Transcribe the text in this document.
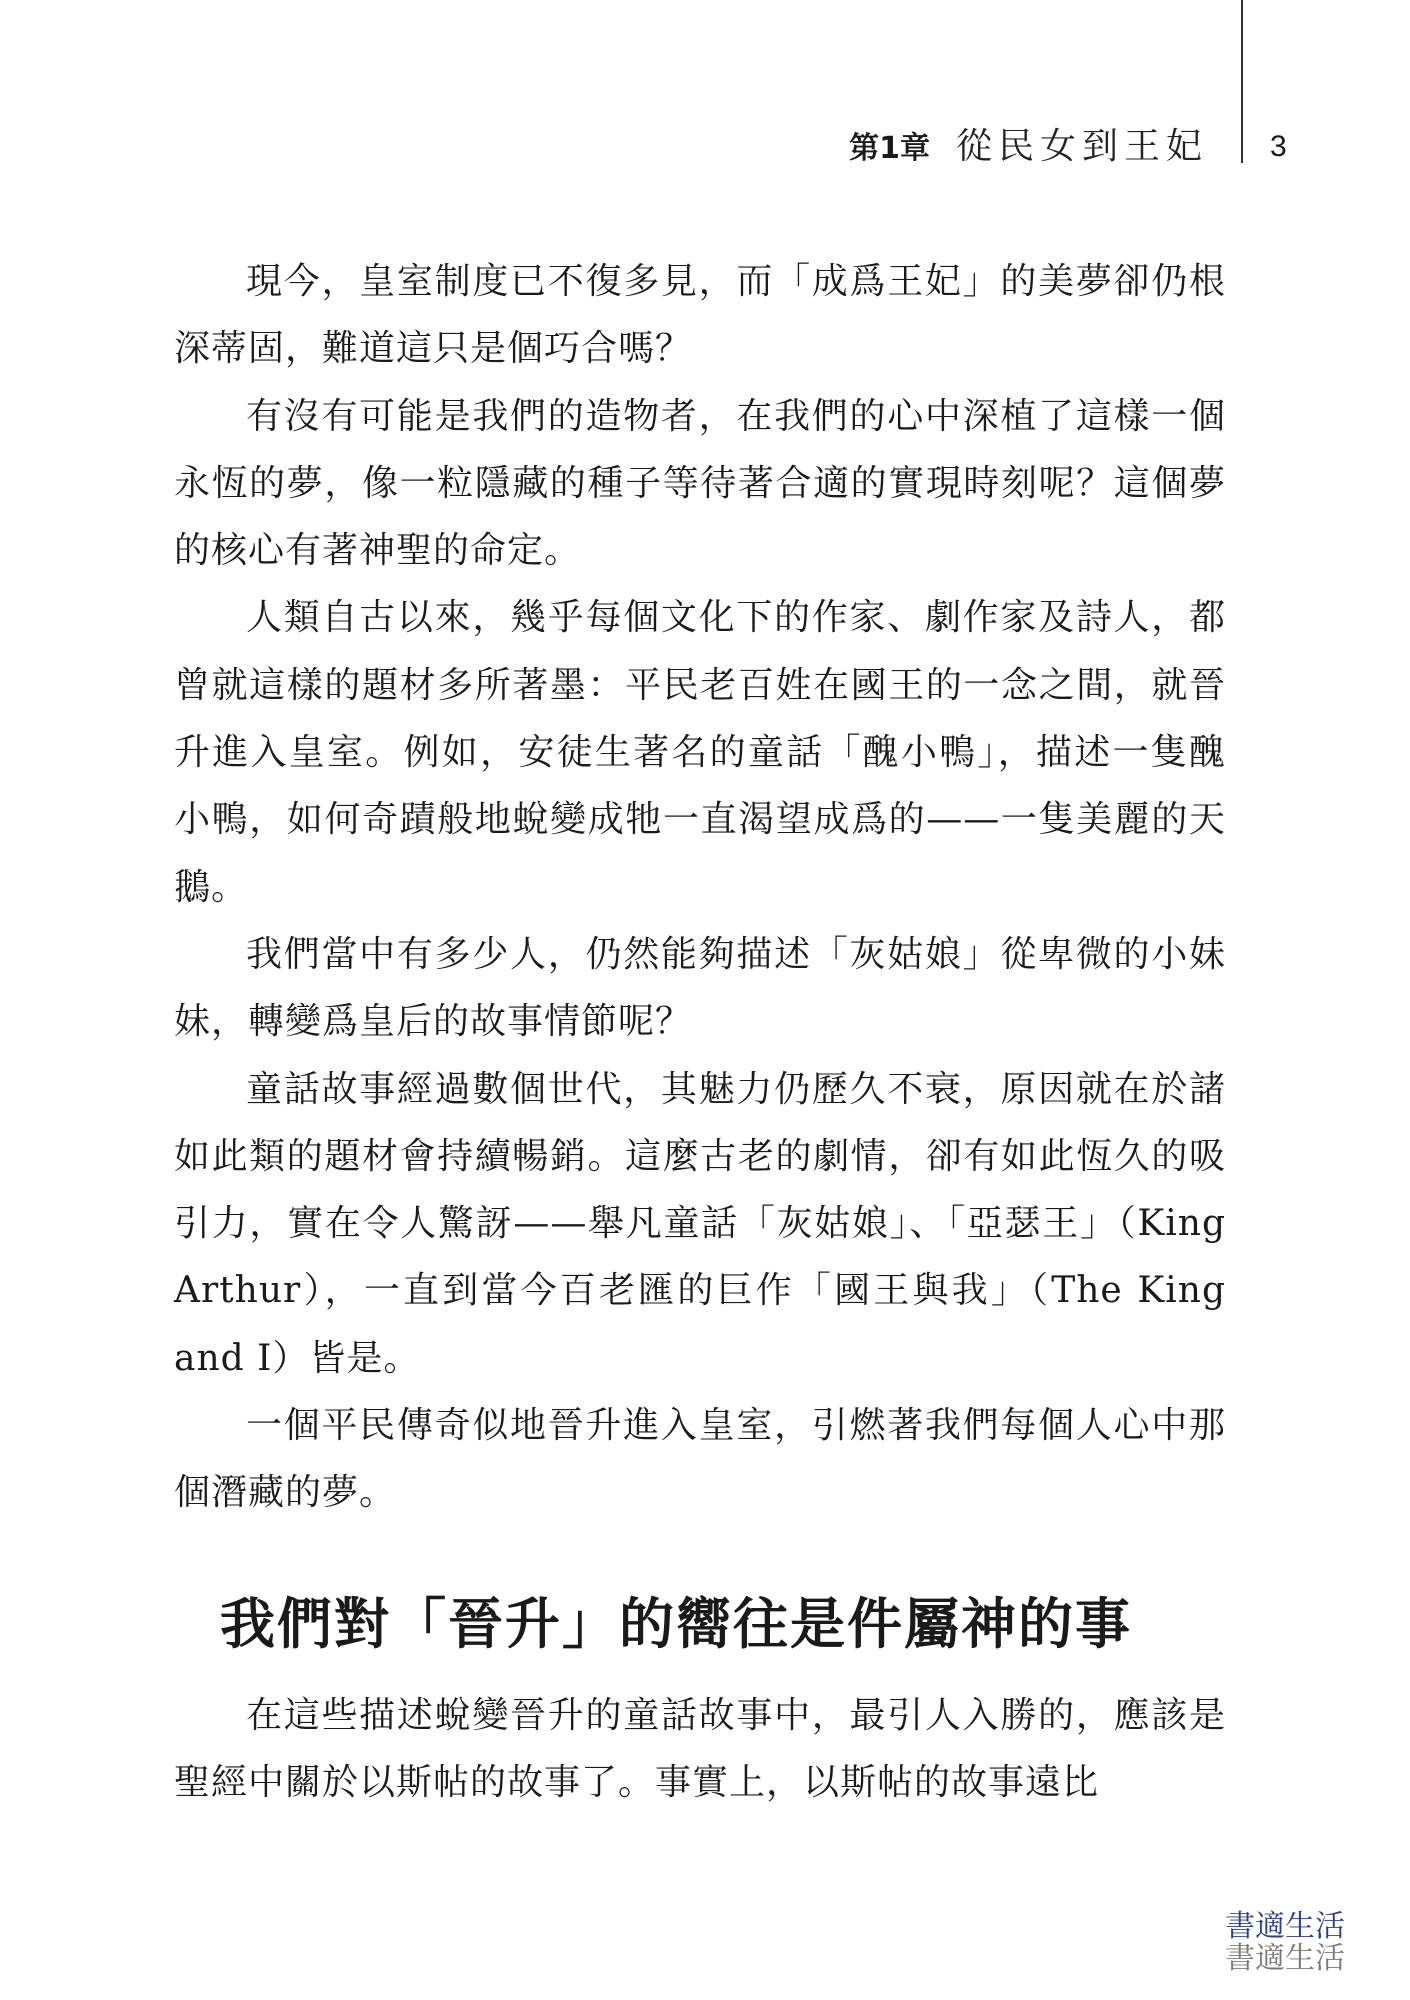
第1章 從民女到王妃 3

現今，皇室制度已不復多見，而「成爲王妃」的美夢卻仍根深蒂固，難道這只是個巧合嗎？

有沒有可能是我們的造物者，在我們的心中深植了這樣一個永恆的夢，像一粒隱藏的種子等待著合適的實現時刻呢？這個夢的核心有著神聖的命定。

人類自古以來，幾乎每個文化下的作家、劇作家及詩人，都曾就這樣的題材多所著墨：平民老百姓在國王的一念之間，就晉升進入皇室。例如，安徒生著名的童話「醜小鴨」，描述一隻醜小鴨，如何奇蹟般地蛻變成牠一直渴望成爲的——一隻美麗的天鵝。

我們當中有多少人，仍然能夠描述「灰姑娘」從卑微的小妹妹，轉變爲皇后的故事情節呢？

童話故事經過數個世代，其魅力仍歷久不衰，原因就在於諸如此類的題材會持續暢銷。這麼古老的劇情，卻有如此恆久的吸引力，實在令人驚訝——舉凡童話「灰姑娘」、「亞瑟王」（King Arthur），一直到當今百老匯的巨作「國王與我」（The King and I）皆是。

一個平民傳奇似地晉升進入皇室，引燃著我們每個人心中那個潛藏的夢。

我們對「晉升」的嚮往是件屬神的事

在這些描述蛻變晉升的童話故事中，最引人入勝的，應該是聖經中關於以斯帖的故事了。事實上，以斯帖的故事遠比

書適生活
書適生活
